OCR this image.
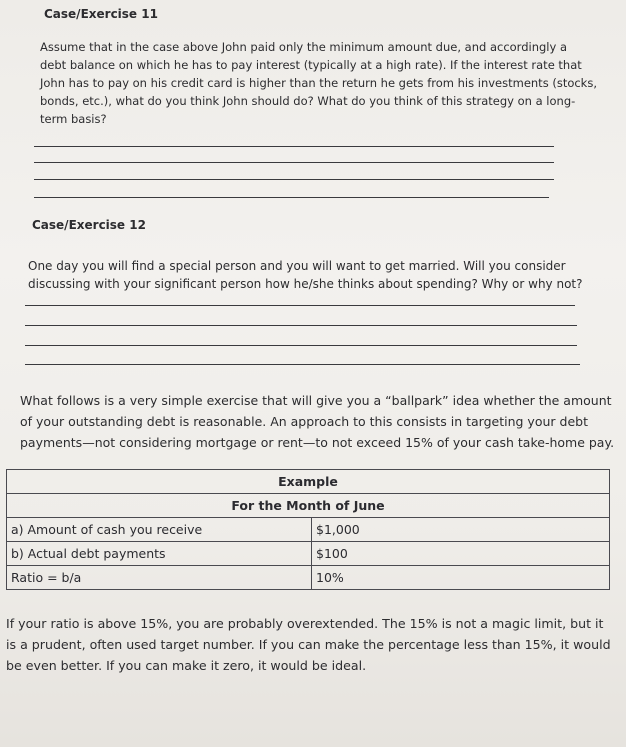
Case/Exercise 11
Assume that in the case above John paid only the minimum amount due, and accordingly a
debt balance on which he has to pay interest (typically at a high rate). If the interest rate that
John has to pay on his credit card is higher than the return he gets from his investments (stocks,
bonds, etc.), what do you think John should do? What do you think of this strategy on a long-
term basis?
Case/Exercise 12
One day you will find a special person and you will want to get married. Will you consider
discussing with your significant person how he/she thinks about spending? Why or why not?
What follows is a very simple exercise that will give you a “ballpark” idea whether the amount
of your outstanding debt is reasonable. An approach to this consists in targeting your debt
payments—not considering mortgage or rent—to not exceed 15% of your cash take-home pay.
Example	
For the Month of June	
a) Amount of cash you receive	$1,000
b) Actual debt payments	$100
Ratio = b/a	10%
If your ratio is above 15%, you are probably overextended. The 15% is not a magic limit, but it
is a prudent, often used target number. If you can make the percentage less than 15%, it would
be even better. If you can make it zero, it would be ideal.
